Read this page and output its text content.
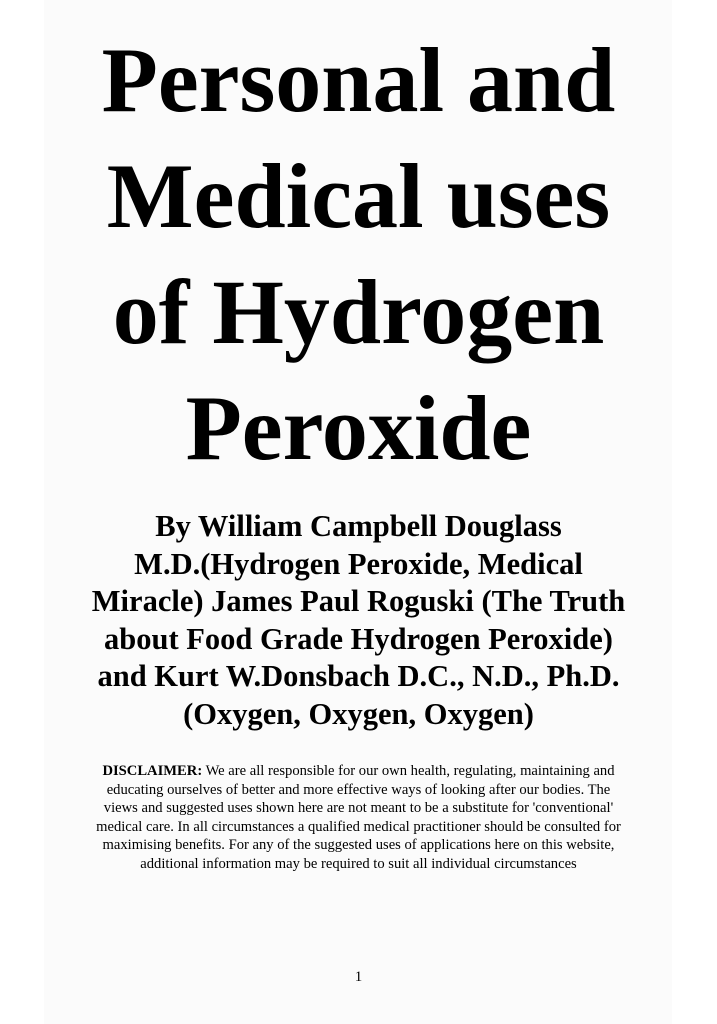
Personal and
Medical uses
of Hydrogen
Peroxide
By William Campbell Douglass
M.D.(Hydrogen Peroxide, Medical
Miracle) James Paul Roguski (The Truth
about Food Grade Hydrogen Peroxide)
and Kurt W.Donsbach D.C., N.D., Ph.D.
(Oxygen, Oxygen, Oxygen)

DISCLAIMER: We are all responsible for our own health, regulating, maintaining and
educating ourselves of better and more effective ways of looking after our bodies. The
views and suggested uses shown here are not meant to be a substitute for 'conventional'
medical care. In all circumstances a qualified medical practitioner should be consulted for
maximising benefits. For any of the suggested uses of applications here on this website,
additional information may be required to suit all individual circumstances

1
